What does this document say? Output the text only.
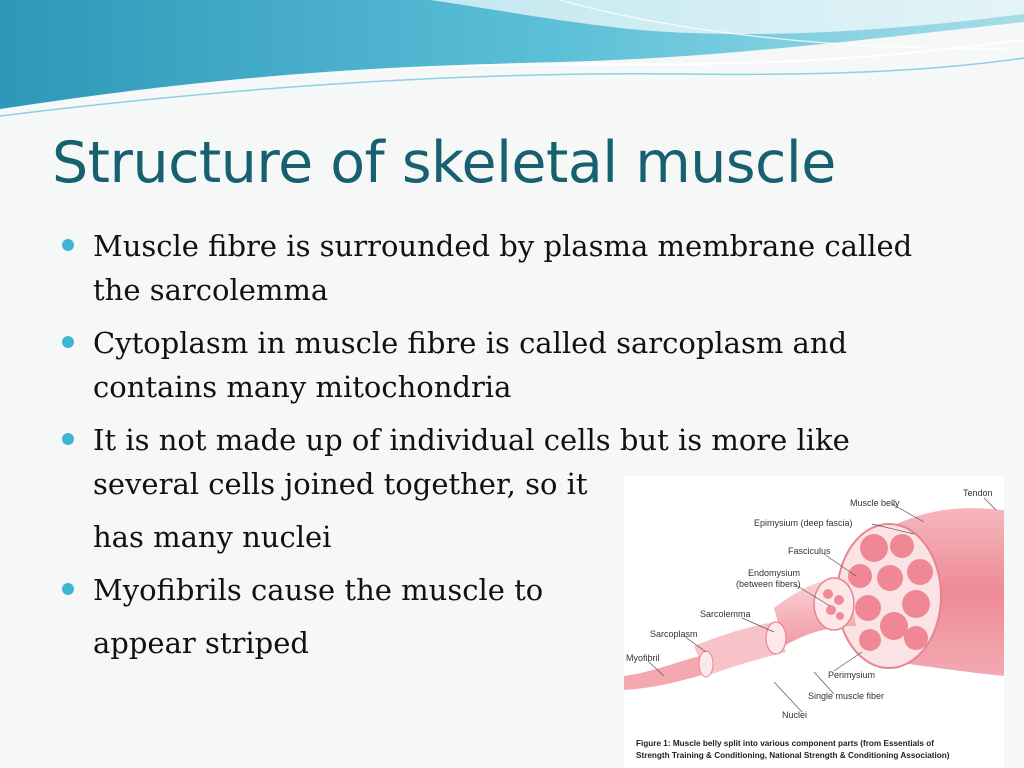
Structure of skeletal muscle
Muscle fibre is surrounded by plasma membrane called the sarcolemma
Cytoplasm in muscle fibre is called sarcoplasm and contains many mitochondria
It is not made up of individual cells but is more like several cells joined together, so it
has many nuclei
Myofibrils cause the muscle to
appear striped
Tendon
Muscle belly
Epimysium (deep fascia)
Fasciculus
Endomysium
(between fibers)
Sarcolemma
Sarcoplasm
Myofibril
Perimysium
Single muscle fiber
Nuclei
Figure 1: Muscle belly split into various component parts (from Essentials of
Strength Training & Conditioning, National Strength & Conditioning Association)
